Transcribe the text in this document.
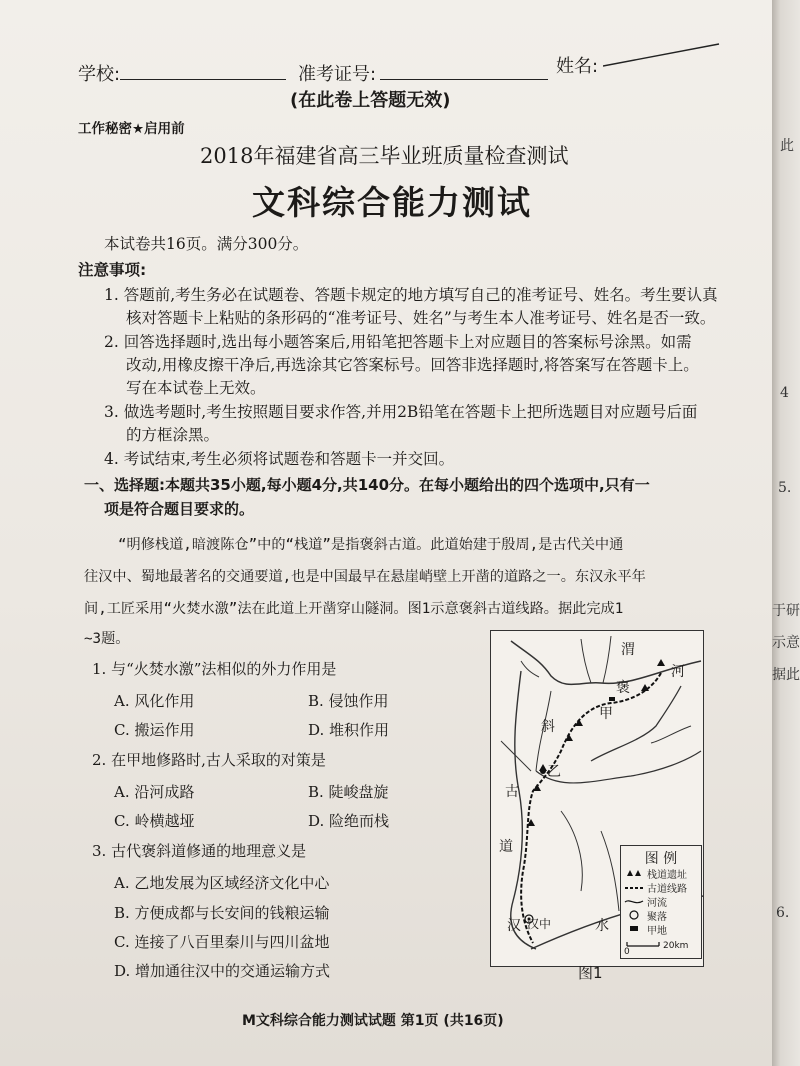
此
4
5.
于研
示意
据此
6.
学校:	准考证号:	姓名:
(在此卷上答题无效)
工作秘密★启用前
2018年福建省高三毕业班质量检查测试
文科综合能力测试
本试卷共16页。满分300分。
注意事项:
1. 答题前,考生务必在试题卷、答题卡规定的地方填写自己的准考证号、姓名。考生要认真
核对答题卡上粘贴的条形码的“准考证号、姓名”与考生本人准考证号、姓名是否一致。
2. 回答选择题时,选出每小题答案后,用铅笔把答题卡上对应题目的答案标号涂黑。如需
改动,用橡皮擦干净后,再选涂其它答案标号。回答非选择题时,将答案写在答题卡上。
写在本试卷上无效。
3. 做选考题时,考生按照题目要求作答,并用2B铅笔在答题卡上把所选题目对应题号后面
的方框涂黑。
4. 考试结束,考生必须将试题卷和答题卡一并交回。
一、选择题:本题共35小题,每小题4分,共140分。在每小题给出的四个选项中,只有一
项是符合题目要求的。
“明修栈道,暗渡陈仓”中的“栈道”是指褒斜古道。此道始建于殷周,是古代关中通
往汉中、蜀地最著名的交通要道,也是中国最早在悬崖峭壁上开凿的道路之一。东汉永平年
间,工匠采用“火焚水激”法在此道上开凿穿山隧洞。图1示意褒斜古道线路。据此完成1
~3题。
1. 与“火焚水激”法相似的外力作用是
A. 风化作用	B. 侵蚀作用
C. 搬运作用	D. 堆积作用
2. 在甲地修路时,古人采取的对策是
A. 沿河成路	B. 陡峻盘旋
C. 岭横越垭	D. 险绝而栈
3. 古代褒斜道修通的地理意义是
A. 乙地发展为区域经济文化中心
B. 方便成都与长安间的钱粮运输
C. 连接了八百里秦川与四川盆地
D. 增加通往汉中的交通运输方式
渭
河
褒
斜
甲
乙
古
道
汉 汉中	水
图 例
栈道遗址
古道线路
河流
聚落
甲地
0
20km
图1
M文科综合能力测试试题 第1页 (共16页)
